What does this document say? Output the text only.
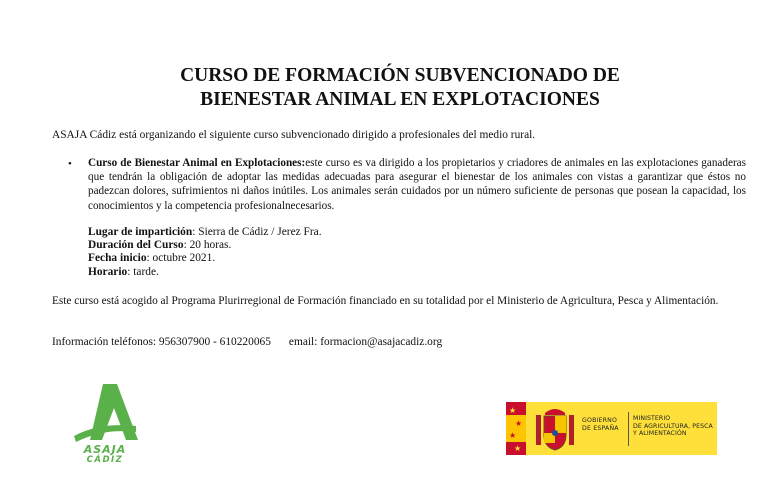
CURSO DE FORMACIÓN SUBVENCIONADO DE
BIENESTAR ANIMAL EN EXPLOTACIONES

ASAJA Cádiz está organizando el siguiente curso subvencionado dirigido a profesionales del medio rural.

• Curso de Bienestar Animal en Explotaciones:este curso es va dirigido a los propietarios y criadores de animales en las explotaciones ganaderas que tendrán la obligación de adoptar las medidas adecuadas para asegurar el bienestar de los animales con vistas a garantizar que éstos no padezcan dolores, sufrimientos ni daños inútiles. Los animales serán cuidados por un número suficiente de personas que posean la capacidad, los conocimientos y la competencia profesionalnecesarios.

Lugar de impartición: Sierra de Cádiz / Jerez Fra.
Duración del Curso: 20 horas.
Fecha inicio: octubre 2021.
Horario: tarde.

Este curso está acogido al Programa Plurirregional de Formación financiado en su totalidad por el Ministerio de Agricultura, Pesca y Alimentación.

Información teléfonos: 956307900 - 610220065 email: formacion@asajacadiz.org
ASAJA
CÁDIZ
★
★
★
★
GOBIERNO
DE ESPAÑA
MINISTERIO
DE AGRICULTURA, PESCA
Y ALIMENTACIÓN
